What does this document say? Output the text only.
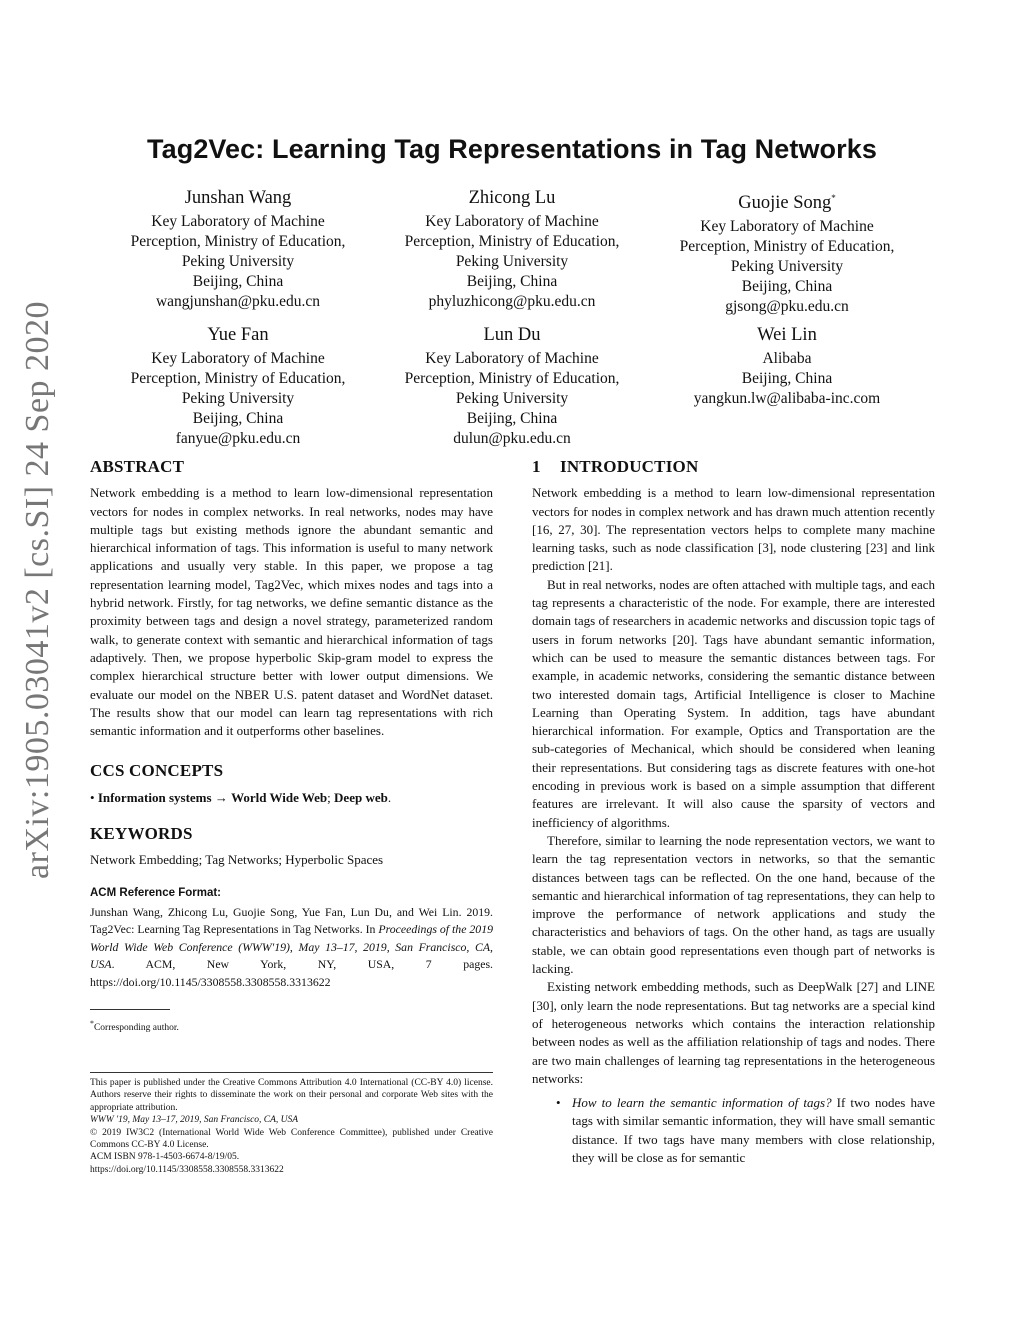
arXiv:1905.03041v2 [cs.SI] 24 Sep 2020
Tag2Vec: Learning Tag Representations in Tag Networks
Junshan Wang
Key Laboratory of Machine
Perception, Ministry of Education,
Peking University
Beijing, China
wangjunshan@pku.edu.cn
Zhicong Lu
Key Laboratory of Machine
Perception, Ministry of Education,
Peking University
Beijing, China
phyluzhicong@pku.edu.cn
Guojie Song*
Key Laboratory of Machine
Perception, Ministry of Education,
Peking University
Beijing, China
gjsong@pku.edu.cn
Yue Fan
Key Laboratory of Machine
Perception, Ministry of Education,
Peking University
Beijing, China
fanyue@pku.edu.cn
Lun Du
Key Laboratory of Machine
Perception, Ministry of Education,
Peking University
Beijing, China
dulun@pku.edu.cn
Wei Lin
Alibaba
Beijing, China
yangkun.lw@alibaba-inc.com
ABSTRACT

Network embedding is a method to learn low-dimensional representation vectors for nodes in complex networks. In real networks, nodes may have multiple tags but existing methods ignore the abundant semantic and hierarchical information of tags. This information is useful to many network applications and usually very stable. In this paper, we propose a tag representation learning model, Tag2Vec, which mixes nodes and tags into a hybrid network. Firstly, for tag networks, we define semantic distance as the proximity between tags and design a novel strategy, parameterized random walk, to generate context with semantic and hierarchical information of tags adaptively. Then, we propose hyperbolic Skip-gram model to express the complex hierarchical structure better with lower output dimensions. We evaluate our model on the NBER U.S. patent dataset and WordNet dataset. The results show that our model can learn tag representations with rich semantic information and it outperforms other baselines.

CCS CONCEPTS
• Information systems → World Wide Web; Deep web.
KEYWORDS

Network Embedding; Tag Networks; Hyperbolic Spaces

ACM Reference Format:

Junshan Wang, Zhicong Lu, Guojie Song, Yue Fan, Lun Du, and Wei Lin. 2019. Tag2Vec: Learning Tag Representations in Tag Networks. In Proceedings of the 2019 World Wide Web Conference (WWW'19), May 13–17, 2019, San Francisco, CA, USA. ACM, New York, NY, USA, 7 pages. https://doi.org/10.1145/3308558.3308558.3313622

*Corresponding author.

This paper is published under the Creative Commons Attribution 4.0 International (CC-BY 4.0) license. Authors reserve their rights to disseminate the work on their personal and corporate Web sites with the appropriate attribution.

WWW '19, May 13–17, 2019, San Francisco, CA, USA

© 2019 IW3C2 (International World Wide Web Conference Committee), published under Creative Commons CC-BY 4.0 License.

ACM ISBN 978-1-4503-6674-8/19/05.

https://doi.org/10.1145/3308558.3308558.3313622

1 INTRODUCTION

Network embedding is a method to learn low-dimensional representation vectors for nodes in complex network and has drawn much attention recently [16, 27, 30]. The representation vectors helps to complete many machine learning tasks, such as node classification [3], node clustering [23] and link prediction [21].

But in real networks, nodes are often attached with multiple tags, and each tag represents a characteristic of the node. For example, there are interested domain tags of researchers in academic networks and discussion topic tags of users in forum networks [20]. Tags have abundant semantic information, which can be used to measure the semantic distances between tags. For example, in academic networks, considering the semantic distance between two interested domain tags, Artificial Intelligence is closer to Machine Learning than Operating System. In addition, tags have abundant hierarchical information. For example, Optics and Transportation are the sub-categories of Mechanical, which should be considered when leaning their representations. But considering tags as discrete features with one-hot encoding in previous work is based on a simple assumption that different features are irrelevant. It will also cause the sparsity of vectors and inefficiency of algorithms.

Therefore, similar to learning the node representation vectors, we want to learn the tag representation vectors in networks, so that the semantic distances between tags can be reflected. On the one hand, because of the semantic and hierarchical information of tag representations, they can help to improve the performance of network applications and study the characteristics and behaviors of tags. On the other hand, as tags are usually stable, we can obtain good representations even though part of networks is lacking.

Existing network embedding methods, such as DeepWalk [27] and LINE [30], only learn the node representations. But tag networks are a special kind of heterogeneous networks which contains the interaction relationship between nodes as well as the affiliation relationship of tags and nodes. There are two main challenges of learning tag representations in the heterogeneous networks:

• How to learn the semantic information of tags? If two nodes have tags with similar semantic information, they will have small semantic distance. If two tags have many members with close relationship, they will be close as for semantic
